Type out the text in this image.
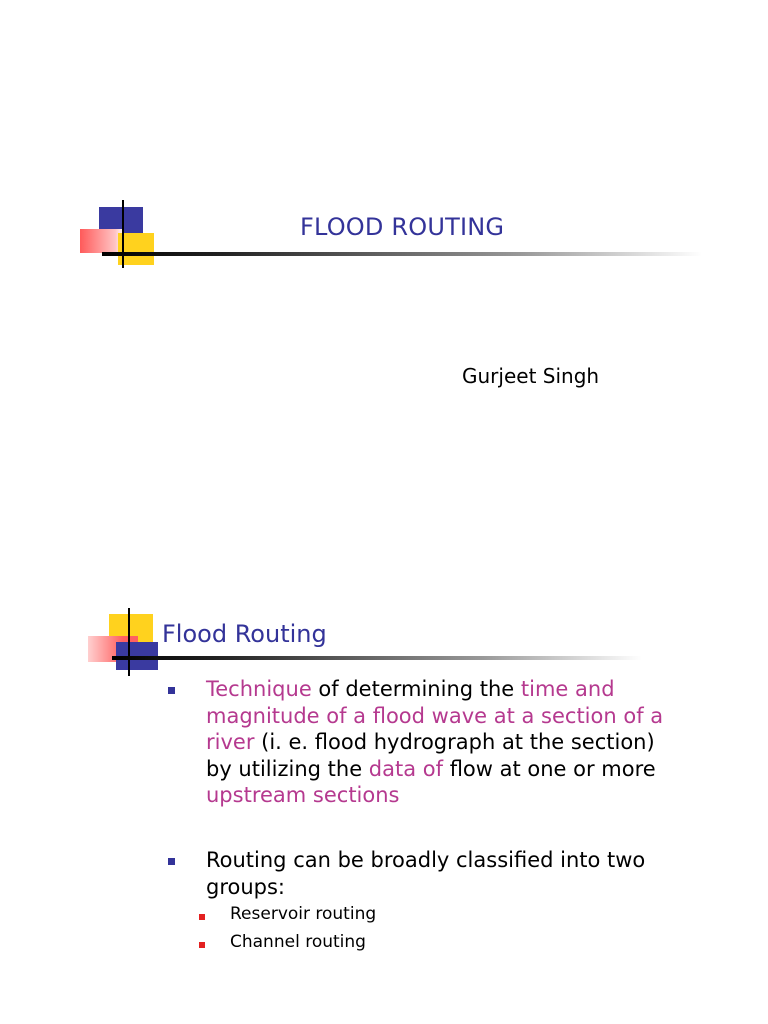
FLOOD ROUTING
Gurjeet Singh
Flood Routing
Technique of determining the time and magnitude of a flood wave at a section of a river (i. e. flood hydrograph at the section) by utilizing the data of flow at one or more upstream sections
Routing can be broadly classified into two groups:
Reservoir routing
Channel routing
